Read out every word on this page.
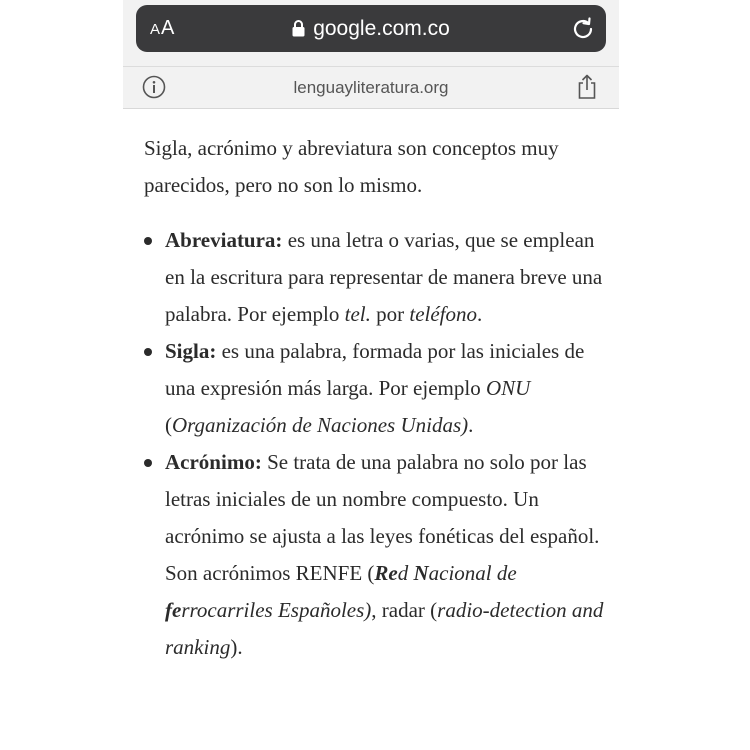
AA	google.com.co
lenguayliteratura.org

Sigla, acrónimo y abreviatura son conceptos muy parecidos, pero no son lo mismo.

Abreviatura: es una letra o varias, que se emplean en la escritura para representar de manera breve una palabra. Por ejemplo tel. por teléfono.
Sigla: es una palabra, formada por las iniciales de una expresión más larga. Por ejemplo ONU (Organización de Naciones Unidas).
Acrónimo: Se trata de una palabra no solo por las letras iniciales de un nombre compuesto. Un acrónimo se ajusta a las leyes fonéticas del español. Son acrónimos RENFE (Red Nacional de ferrocarriles Españoles), radar (radio-detection and ranking).
